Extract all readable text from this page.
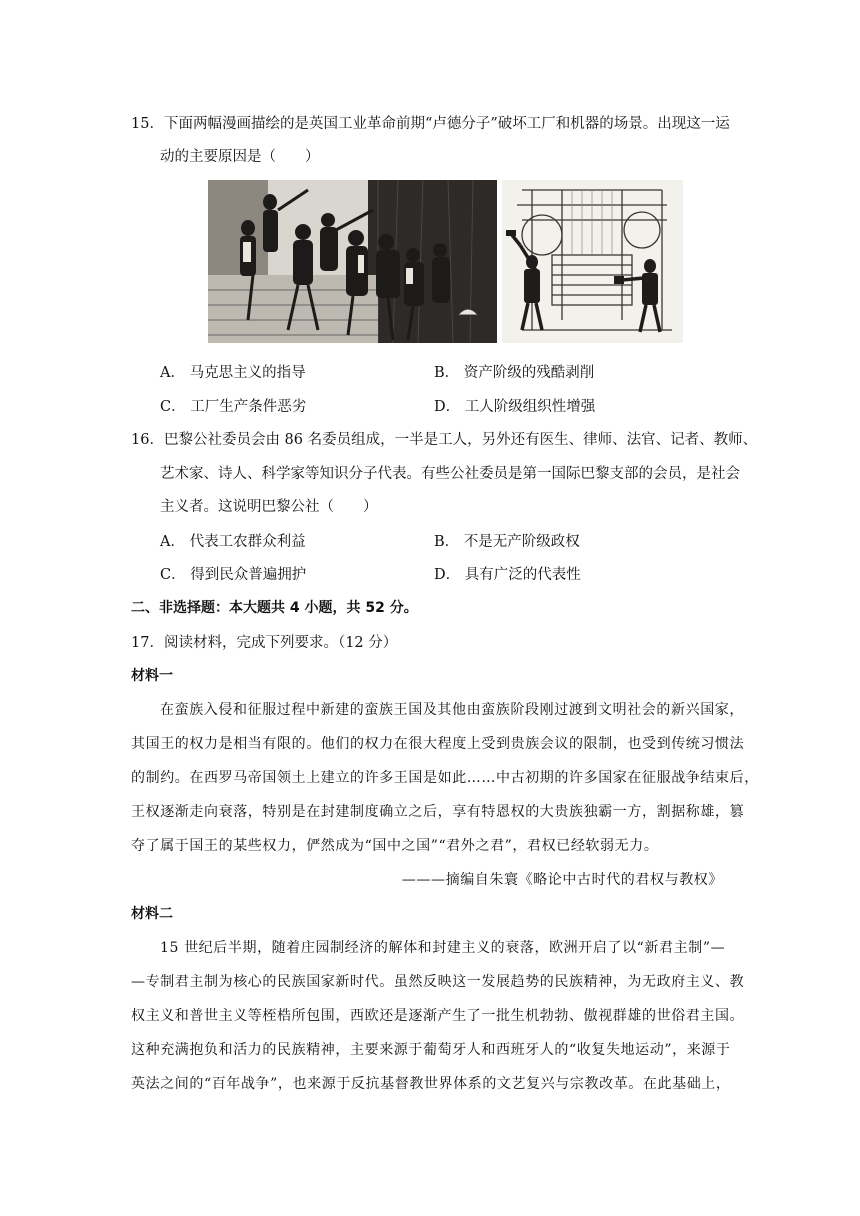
15．下面两幅漫画描绘的是英国工业革命前期“卢德分子”破坏工厂和机器的场景。出现这一运
动的主要原因是（　　）
A． 马克思主义的指导	B． 资产阶级的残酷剥削
C． 工厂生产条件恶劣	D． 工人阶级组织性增强
16．巴黎公社委员会由 86 名委员组成，一半是工人，另外还有医生、律师、法官、记者、教师、
艺术家、诗人、科学家等知识分子代表。有些公社委员是第一国际巴黎支部的会员，是社会
主义者。这说明巴黎公社（　　）
A． 代表工农群众利益	B． 不是无产阶级政权
C． 得到民众普遍拥护	D． 具有广泛的代表性
二、非选择题：本大题共 4 小题，共 52 分。
17．阅读材料，完成下列要求。（12 分）
材料一
在蛮族入侵和征服过程中新建的蛮族王国及其他由蛮族阶段刚过渡到文明社会的新兴国家，
其国王的权力是相当有限的。他们的权力在很大程度上受到贵族会议的限制，也受到传统习惯法
的制约。在西罗马帝国领土上建立的许多王国是如此……中古初期的许多国家在征服战争结束后，
王权逐渐走向衰落，特别是在封建制度确立之后，享有特恩权的大贵族独霸一方，割据称雄，篡
夺了属于国王的某些权力，俨然成为“国中之国”“君外之君”，君权已经软弱无力。
———摘编自朱寰《略论中古时代的君权与教权》
材料二
15 世纪后半期，随着庄园制经济的解体和封建主义的衰落，欧洲开启了以“新君主制”—
—专制君主制为核心的民族国家新时代。虽然反映这一发展趋势的民族精神，为无政府主义、教
权主义和普世主义等桎梏所包围，西欧还是逐渐产生了一批生机勃勃、傲视群雄的世俗君主国。
这种充满抱负和活力的民族精神，主要来源于葡萄牙人和西班牙人的“收复失地运动”，来源于
英法之间的“百年战争”，也来源于反抗基督教世界体系的文艺复兴与宗教改革。在此基础上，
